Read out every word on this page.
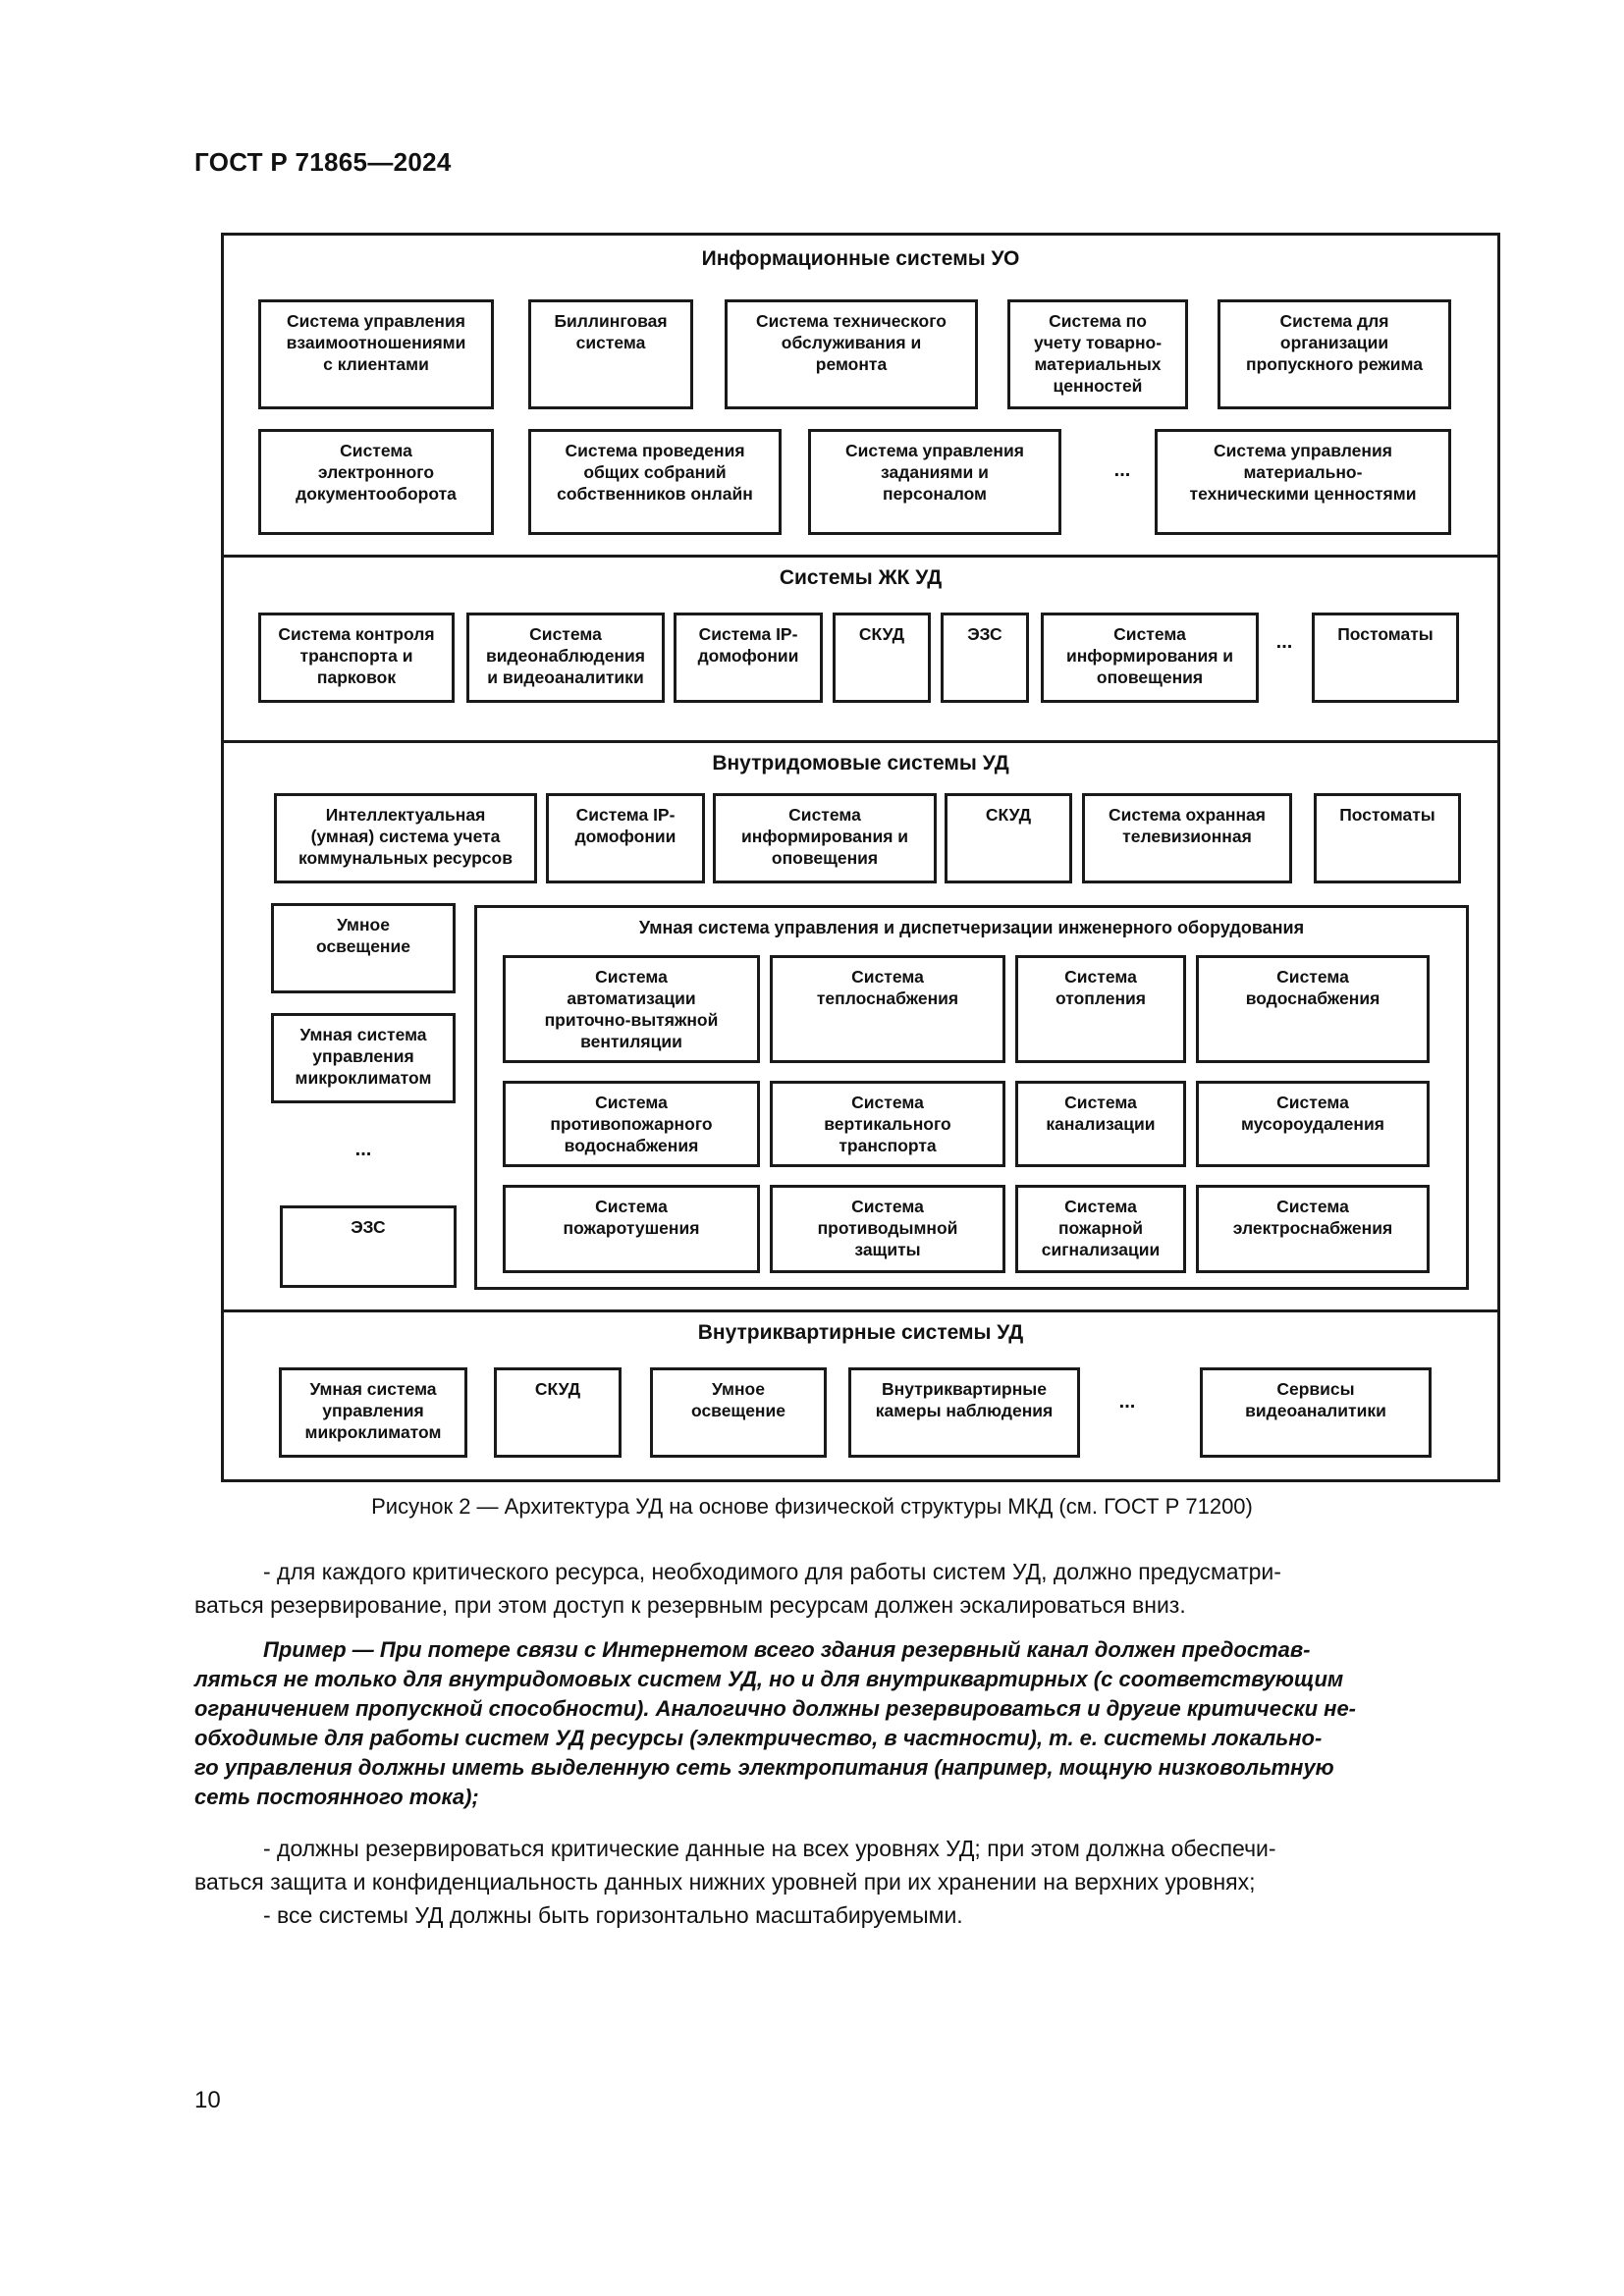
ГОСТ Р 71865—2024
Информационные системы УО
Система управления
взаимоотношениями
с клиентами
Биллинговая
система
Система технического
обслуживания и
ремонта
Система по
учету товарно-
материальных
ценностей
Система для
организации
пропускного режима
Система
электронного
документооборота
Система проведения
общих собраний
собственников онлайн
Система управления
заданиями и
персоналом
...
Система управления
материально-
техническими ценностями
Системы ЖК УД
Система контроля
транспорта и
парковок
Система
видеонаблюдения
и видеоаналитики
Система IP-
домофонии
СКУД	ЭЗС	Система
информирования и
оповещения
...	Постоматы
Внутридомовые системы УД
Интеллектуальная
(умная) система учета
коммунальных ресурсов
Система IP-
домофонии
Система
информирования и
оповещения
СКУД	Система охранная
телевизионная
Постоматы
Умное
освещение
Умная система
управления
микроклиматом
...
ЭЗС
Умная система управления и диспетчеризации инженерного оборудования
Система
автоматизации
приточно-вытяжной
вентиляции
Система
теплоснабжения
Система
отопления
Система
водоснабжения
Система
противопожарного
водоснабжения
Система
вертикального
транспорта
Система
канализации
Система
мусороудаления
Система
пожаротушения
Система
противодымной
защиты
Система
пожарной
сигнализации
Система
электроснабжения
Внутриквартирные системы УД
Умная система
управления
микроклиматом
СКУД	Умное
освещение
Внутриквартирные
камеры наблюдения	...
Сервисы
видеоаналитики
Рисунок 2 — Архитектура УД на основе физической структуры МКД (см. ГОСТ Р 71200)
- для каждого критического ресурса, необходимого для работы систем УД, должно предусматри-
ваться резервирование, при этом доступ к резервным ресурсам должен эскалироваться вниз.
Пример — При потере связи с Интернетом всего здания резервный канал должен предостав-
ляться не только для внутридомовых систем УД, но и для внутриквартирных (с соответствующим
ограничением пропускной способности). Аналогично должны резервироваться и другие критически не-
обходимые для работы систем УД ресурсы (электричество, в частности), т. е. системы локально-
го управления должны иметь выделенную сеть электропитания (например, мощную низковольтную
сеть постоянного тока);
- должны резервироваться критические данные на всех уровнях УД; при этом должна обеспечи-
ваться защита и конфиденциальность данных нижних уровней при их хранении на верхних уровнях;
- все системы УД должны быть горизонтально масштабируемыми.
10
